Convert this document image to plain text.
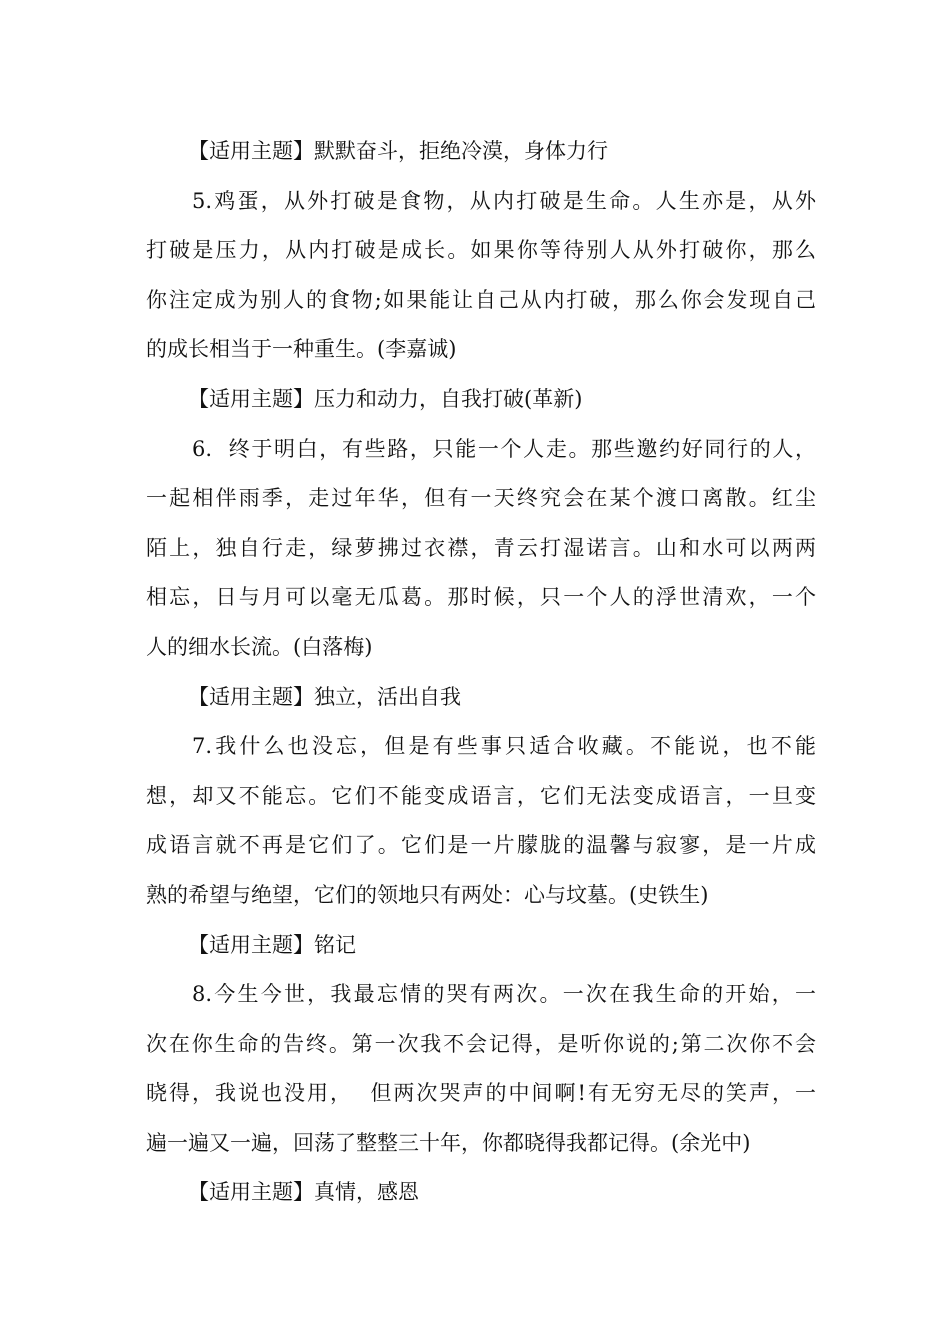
【适用主题】默默奋斗，拒绝冷漠，身体力行
5.鸡蛋，从外打破是食物，从内打破是生命。人生亦是，从外
打破是压力，从内打破是成长。如果你等待别人从外打破你，那么
你注定成为别人的食物;如果能让自己从内打破，那么你会发现自己
的成长相当于一种重生。(李嘉诚)
【适用主题】压力和动力，自我打破(革新)
6.  终于明白，有些路，只能一个人走。那些邀约好同行的人，
一起相伴雨季，走过年华，但有一天终究会在某个渡口离散。红尘
陌上，独自行走，绿萝拂过衣襟，青云打湿诺言。山和水可以两两
相忘，日与月可以毫无瓜葛。那时候，只一个人的浮世清欢，一个
人的细水长流。(白落梅)
【适用主题】独立，活出自我
7.我什么也没忘，但是有些事只适合收藏。不能说，也不能
想，却又不能忘。它们不能变成语言，它们无法变成语言，一旦变
成语言就不再是它们了。它们是一片朦胧的温馨与寂寥，是一片成
熟的希望与绝望，它们的领地只有两处：心与坟墓。(史铁生)
【适用主题】铭记
8.今生今世，我最忘情的哭有两次。一次在我生命的开始，一
次在你生命的告终。第一次我不会记得，是听你说的;第二次你不会
晓得，我说也没用，  但两次哭声的中间啊!有无穷无尽的笑声，一
遍一遍又一遍，回荡了整整三十年，你都晓得我都记得。(余光中)
【适用主题】真情，感恩
